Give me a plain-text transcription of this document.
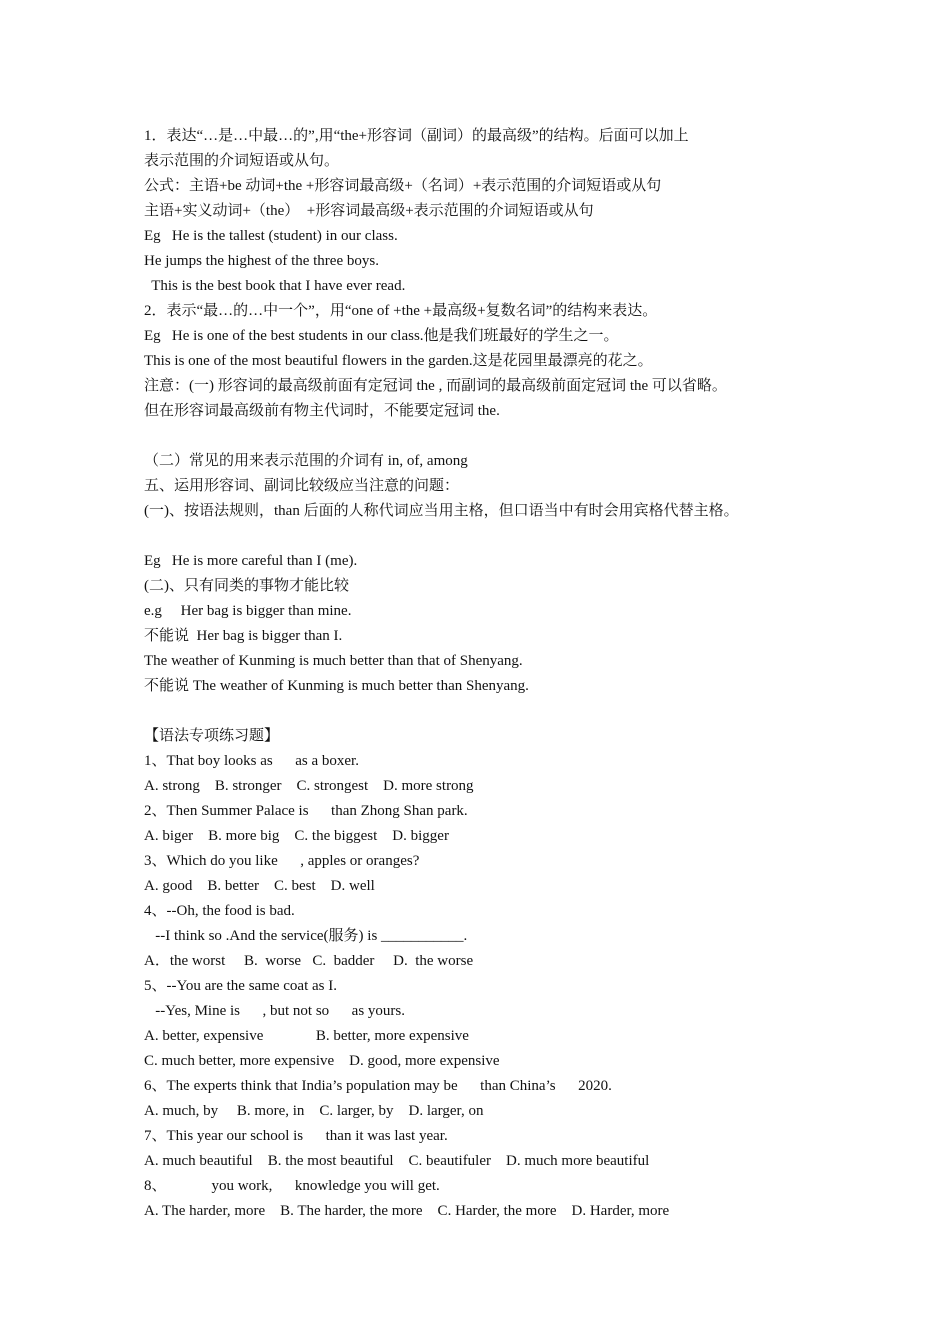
1．表达“…是…中最…的”,用“the+形容词（副词）的最高级”的结构。后面可以加上
表示范围的介词短语或从句。
公式：主语+be 动词+the +形容词最高级+（名词）+表示范围的介词短语或从句
主语+实义动词+（the）  +形容词最高级+表示范围的介词短语或从句
Eg   He is the tallest (student) in our class.
He jumps the highest of the three boys.
This is the best book that I have ever read.
2．表示“最…的…中一个”，用“one of +the +最高级+复数名词”的结构来表达。
Eg   He is one of the best students in our class.他是我们班最好的学生之一。
This is one of the most beautiful flowers in the garden.这是花园里最漂亮的花之。
注意：(一) 形容词的最高级前面有定冠词 the , 而副词的最高级前面定冠词 the 可以省略。
但在形容词最高级前有物主代词时，不能要定冠词 the.
（二）常见的用来表示范围的介词有 in, of, among
五、运用形容词、副词比较级应当注意的问题：
(一)、按语法规则，than 后面的人称代词应当用主格，但口语当中有时会用宾格代替主格。
Eg   He is more careful than I (me).
(二)、只有同类的事物才能比较
e.g     Her bag is bigger than mine.
不能说  Her bag is bigger than I.
The weather of Kunming is much better than that of Shenyang.
不能说 The weather of Kunming is much better than Shenyang.
【语法专项练习题】
1、That boy looks as      as a boxer.
A. strong    B. stronger    C. strongest    D. more strong
2、Then Summer Palace is      than Zhong Shan park.
A. biger    B. more big    C. the biggest    D. bigger
3、Which do you like      , apples or oranges?
A. good    B. better    C. best    D. well
4、--Oh, the food is bad.
--I think so .And the service(服务) is ___________.
A．the worst     B.  worse   C.  badder     D.  the worse
5、--You are the same coat as I.
--Yes, Mine is      , but not so      as yours.
A. better, expensive              B. better, more expensive
C. much better, more expensive    D. good, more expensive
6、The experts think that India’s population may be      than China’s      2020.
A. much, by     B. more, in    C. larger, by    D. larger, on
7、This year our school is      than it was last year.
A. much beautiful    B. the most beautiful    C. beautifuler    D. much more beautiful
8、            you work,      knowledge you will get.
A. The harder, more    B. The harder, the more    C. Harder, the more    D. Harder, more
